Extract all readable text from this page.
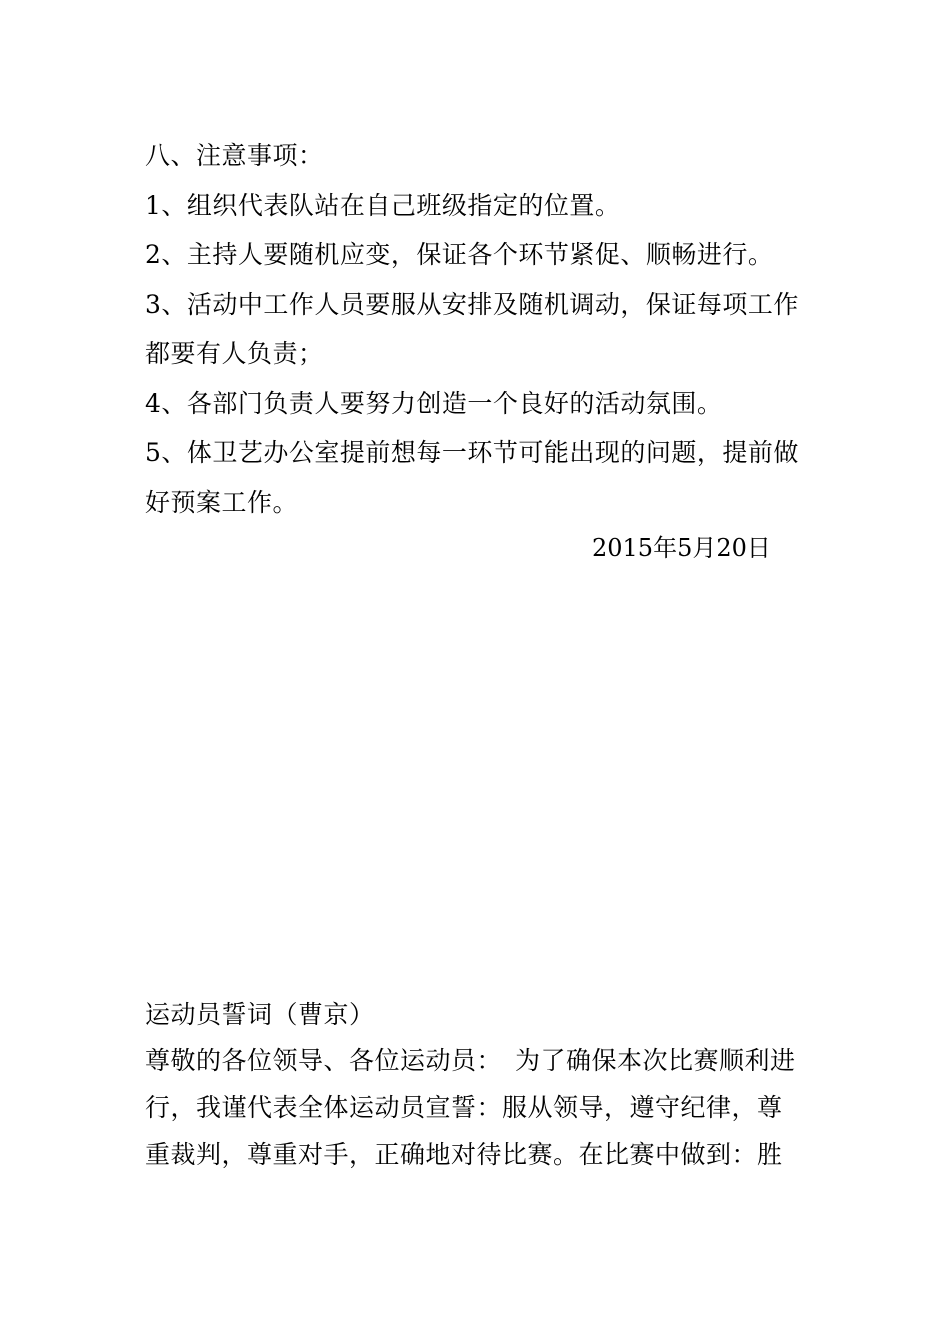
八、注意事项：
1、组织代表队站在自己班级指定的位置。
2、主持人要随机应变，保证各个环节紧促、顺畅进行。
3、活动中工作人员要服从安排及随机调动，保证每项工作
都要有人负责；
4、各部门负责人要努力创造一个良好的活动氛围。
5、体卫艺办公室提前想每一环节可能出现的问题，提前做
好预案工作。
2015年5月20日
运动员誓词（曹京）
尊敬的各位领导、各位运动员：　为了确保本次比赛顺利进
行，我谨代表全体运动员宣誓：服从领导，遵守纪律，尊
重裁判，尊重对手，正确地对待比赛。在比赛中做到：胜
